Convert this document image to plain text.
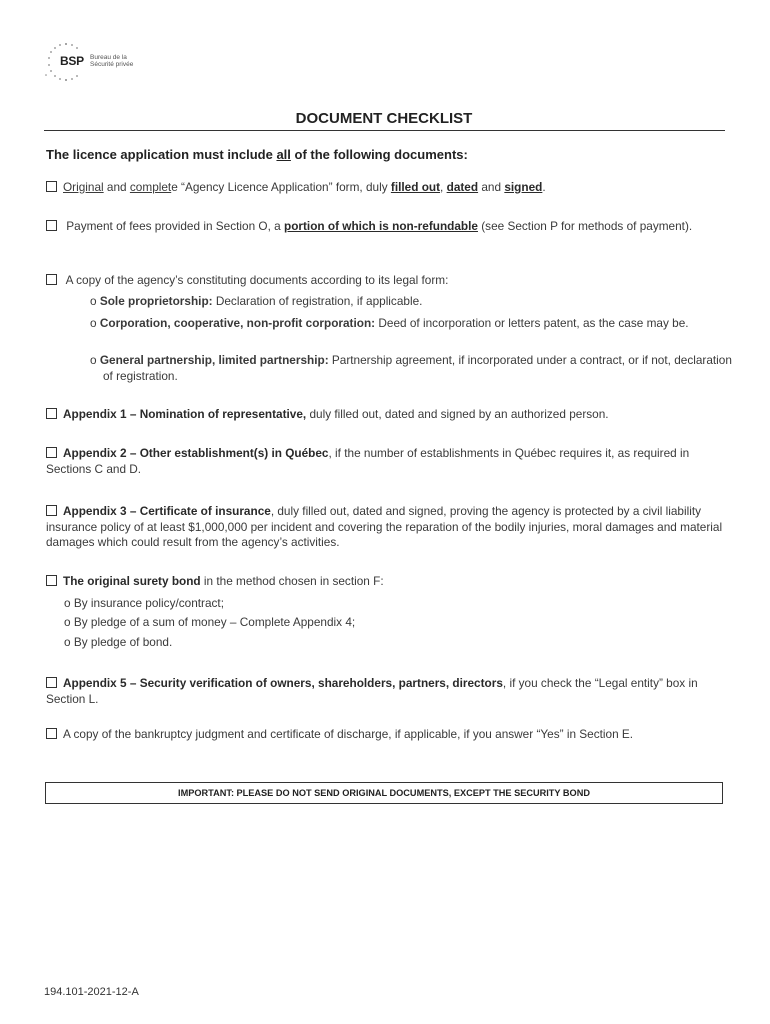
BSP Bureau de la
Sécurité privée
DOCUMENT CHECKLIST
The licence application must include all of the following documents:
Original and complete “Agency Licence Application” form, duly filled out, dated and signed.
Payment of fees provided in Section O, a portion of which is non-refundable (see Section P for methods of payment).
A copy of the agency’s constituting documents according to its legal form:
o Sole proprietorship: Declaration of registration, if applicable.
o Corporation, cooperative, non-profit corporation: Deed of incorporation or letters patent, as the case may be.
o General partnership, limited partnership: Partnership agreement, if incorporated under a contract, or if not, declaration of registration.
Appendix 1 – Nomination of representative, duly filled out, dated and signed by an authorized person.
Appendix 2 – Other establishment(s) in Québec, if the number of establishments in Québec requires it, as required in Sections C and D.
Appendix 3 – Certificate of insurance, duly filled out, dated and signed, proving the agency is protected by a civil liability insurance policy of at least $1,000,000 per incident and covering the reparation of the bodily injuries, moral damages and material damages which could result from the agency’s activities.
The original surety bond in the method chosen in section F:
o By insurance policy/contract;
o By pledge of a sum of money – Complete Appendix 4;
o By pledge of bond.
Appendix 5 – Security verification of owners, shareholders, partners, directors, if you check the “Legal entity” box in Section L.
A copy of the bankruptcy judgment and certificate of discharge, if applicable, if you answer “Yes” in Section E.
IMPORTANT: PLEASE DO NOT SEND ORIGINAL DOCUMENTS, EXCEPT THE SECURITY BOND
194.101-2021-12-A
